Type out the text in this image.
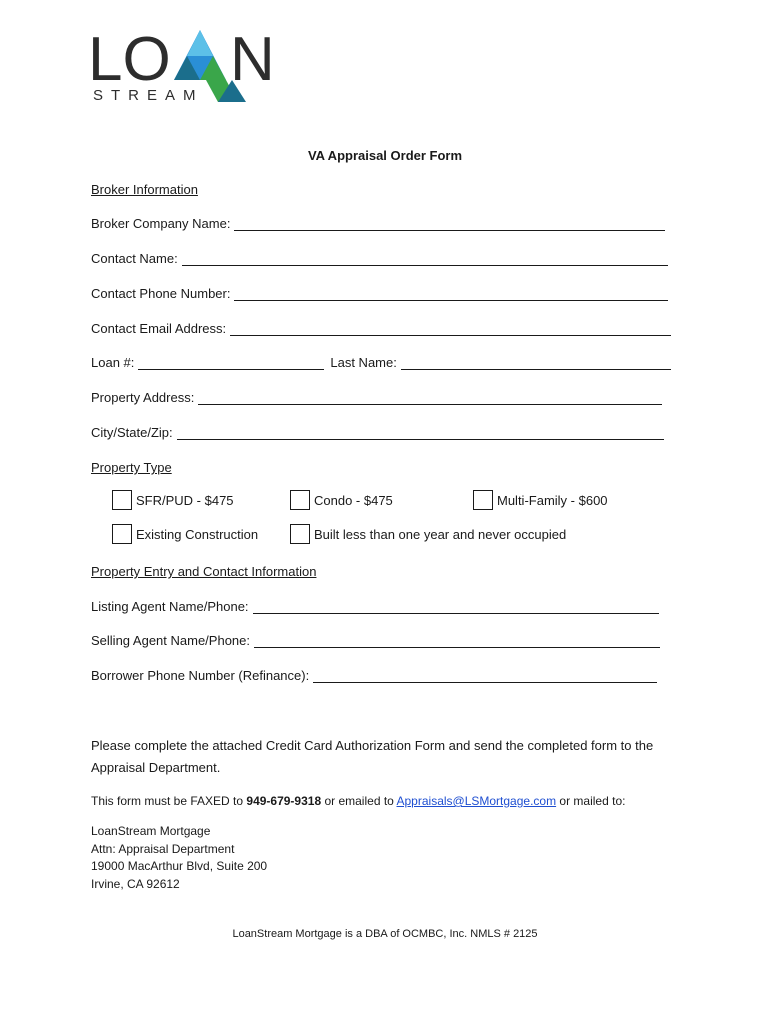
LO N
STREAM
VA Appraisal Order Form
Broker Information
Broker Company Name:
Contact Name:
Contact Phone Number:
Contact Email Address:
Loan #:	Last Name:
Property Address:
City/State/Zip:
Property Type
SFR/PUD - $475	Condo - $475	Multi-Family - $600
Existing Construction	Built less than one year and never occupied
Property Entry and Contact Information
Listing Agent Name/Phone:
Selling Agent Name/Phone:
Borrower Phone Number (Refinance):
Please complete the attached Credit Card Authorization Form and send the completed form to the Appraisal Department.
This form must be FAXED to 949-679-9318 or emailed to Appraisals@LSMortgage.com or mailed to:
LoanStream Mortgage
Attn: Appraisal Department
19000 MacArthur Blvd, Suite 200
Irvine, CA 92612
LoanStream Mortgage is a DBA of OCMBC, Inc. NMLS # 2125
